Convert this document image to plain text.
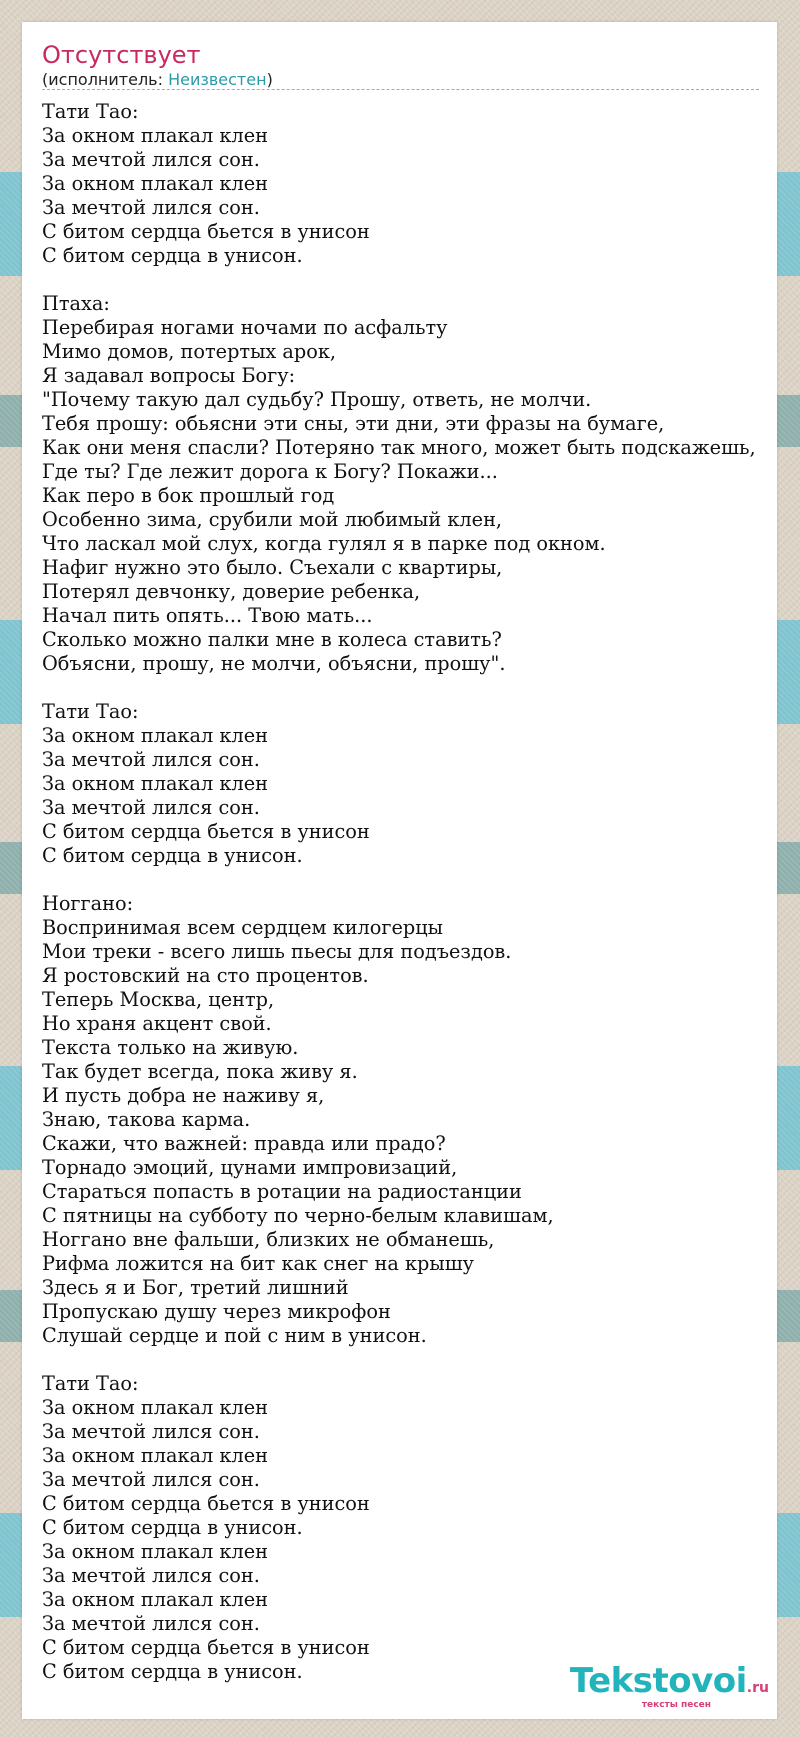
Отсутствует
(исполнитель: Неизвестен)
Тати Тао:
За окном плакал клен
За мечтой лился сон.
За окном плакал клен
За мечтой лился сон.
С битом сердца бьется в унисон
С битом сердца в унисон.

Птаха:
Перебирая ногами ночами по асфальту
Мимо домов, потертых арок,
Я задавал вопросы Богу:
"Почему такую дал судьбу? Прошу, ответь, не молчи.
Тебя прошу: обьясни эти сны, эти дни, эти фразы на бумаге,
Как они меня спасли? Потеряно так много, может быть подскажешь,
Где ты? Где лежит дорога к Богу? Покажи...
Как перо в бок прошлый год
Особенно зима, срубили мой любимый клен,
Что ласкал мой слух, когда гулял я в парке под окном.
Нафиг нужно это было. Съехали с квартиры,
Потерял девчонку, доверие ребенка,
Начал пить опять... Твою мать...
Сколько можно палки мне в колеса ставить?
Объясни, прошу, не молчи, объясни, прошу".

Тати Тао:
За окном плакал клен
За мечтой лился сон.
За окном плакал клен
За мечтой лился сон.
С битом сердца бьется в унисон
С битом сердца в унисон.

Ноггано:
Воспринимая всем сердцем килогерцы
Мои треки - всего лишь пьесы для подъездов.
Я ростовский на сто процентов.
Теперь Москва, центр,
Но храня акцент свой.
Текста только на живую.
Так будет всегда, пока живу я.
И пусть добра не наживу я,
Знаю, такова карма.
Скажи, что важней: правда или прадо?
Торнадо эмоций, цунами импровизаций,
Стараться попасть в ротации на радиостанции
С пятницы на субботу по черно-белым клавишам,
Ноггано вне фальши, близких не обманешь,
Рифма ложится на бит как снег на крышу
Здесь я и Бог, третий лишний
Пропускаю душу через микрофон
Слушай сердце и пой с ним в унисон.

Тати Тао:
За окном плакал клен
За мечтой лился сон.
За окном плакал клен
За мечтой лился сон.
С битом сердца бьется в унисон
С битом сердца в унисон.
За окном плакал клен
За мечтой лился сон.
За окном плакал клен
За мечтой лился сон.
С битом сердца бьется в унисон
С битом сердца в унисон.	Tekstovoi.ru
тексты песен
